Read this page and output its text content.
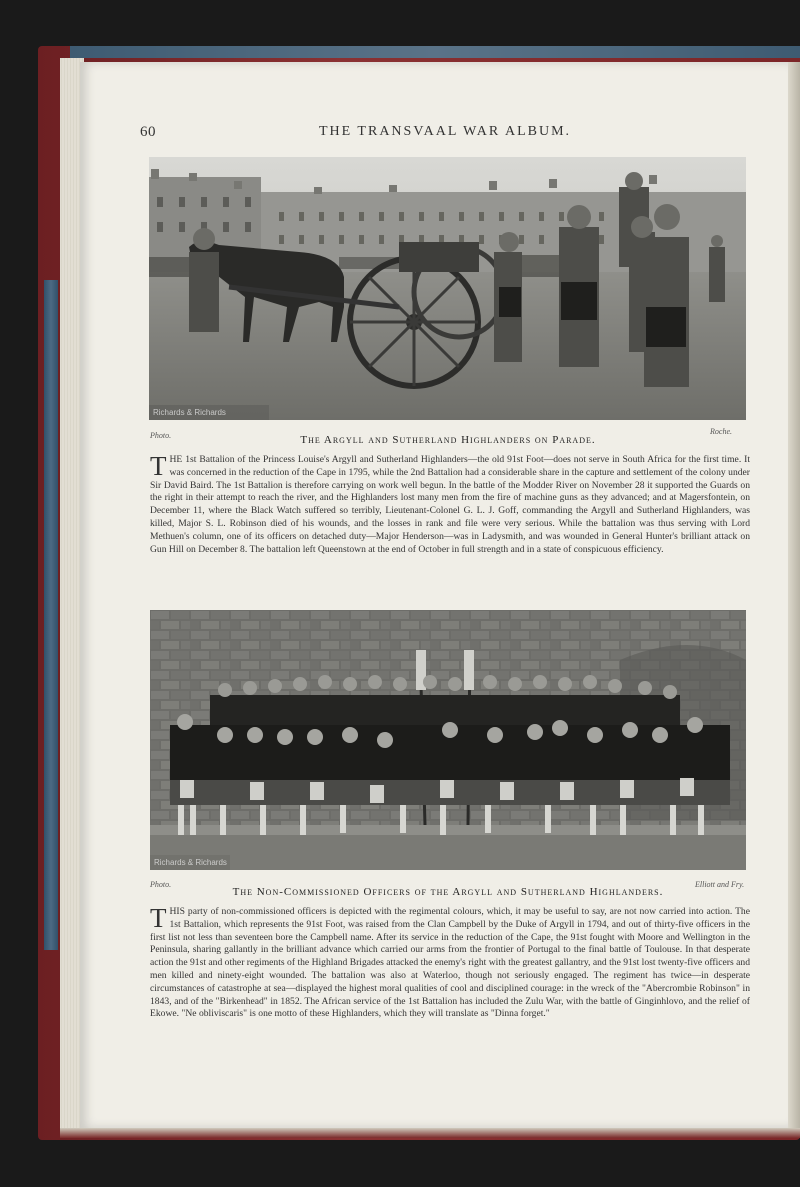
60	THE TRANSVAAL WAR ALBUM.
Richards & Richards
Photo.	Roche.
The Argyll and Sutherland Highlanders on Parade.

THE 1st Battalion of the Princess Louise's Argyll and Sutherland Highlanders—the old 91st Foot—does not serve in South Africa for the first time. It was concerned in the reduction of the Cape in 1795, while the 2nd Battalion had a considerable share in the capture and settlement of the colony under Sir David Baird. The 1st Battalion is therefore carrying on work well begun. In the battle of the Modder River on November 28 it supported the Guards on the right in their attempt to reach the river, and the Highlanders lost many men from the fire of machine guns as they advanced; and at Magersfontein, on December 11, where the Black Watch suffered so terribly, Lieutenant-Colonel G. L. J. Goff, commanding the Argyll and Sutherland Highlanders, was killed, Major S. L. Robinson died of his wounds, and the losses in rank and file were very serious. While the battalion was thus serving with Lord Methuen's column, one of its officers on detached duty—Major Henderson—was in Ladysmith, and was wounded in General Hunter's brilliant attack on Gun Hill on December 8. The battalion left Queenstown at the end of October in full strength and in a state of conspicuous efficiency.

Richards & Richards
Photo.	Elliott and Fry.
The Non-Commissioned Officers of the Argyll and Sutherland Highlanders.

THIS party of non-commissioned officers is depicted with the regimental colours, which, it may be useful to say, are not now carried into action. The 1st Battalion, which represents the 91st Foot, was raised from the Clan Campbell by the Duke of Argyll in 1794, and out of thirty-five officers in the first list not less than seventeen bore the Campbell name. After its service in the reduction of the Cape, the 91st fought with Moore and Wellington in the Peninsula, sharing gallantly in the brilliant advance which carried our arms from the frontier of Portugal to the final battle of Toulouse. In that desperate action the 91st and other regiments of the Highland Brigades attacked the enemy's right with the greatest gallantry, and the 91st lost twenty-five officers and men killed and ninety-eight wounded. The battalion was also at Waterloo, though not seriously engaged. The regiment has twice—in desperate circumstances of catastrophe at sea—displayed the highest moral qualities of cool and disciplined courage: in the wreck of the "Abercrombie Robinson" in 1843, and of the "Birkenhead" in 1852. The African service of the 1st Battalion has included the Zulu War, with the battle of Ginginhlovo, and the relief of Ekowe. "Ne obliviscaris" is one motto of these Highlanders, which they will translate as "Dinna forget."
